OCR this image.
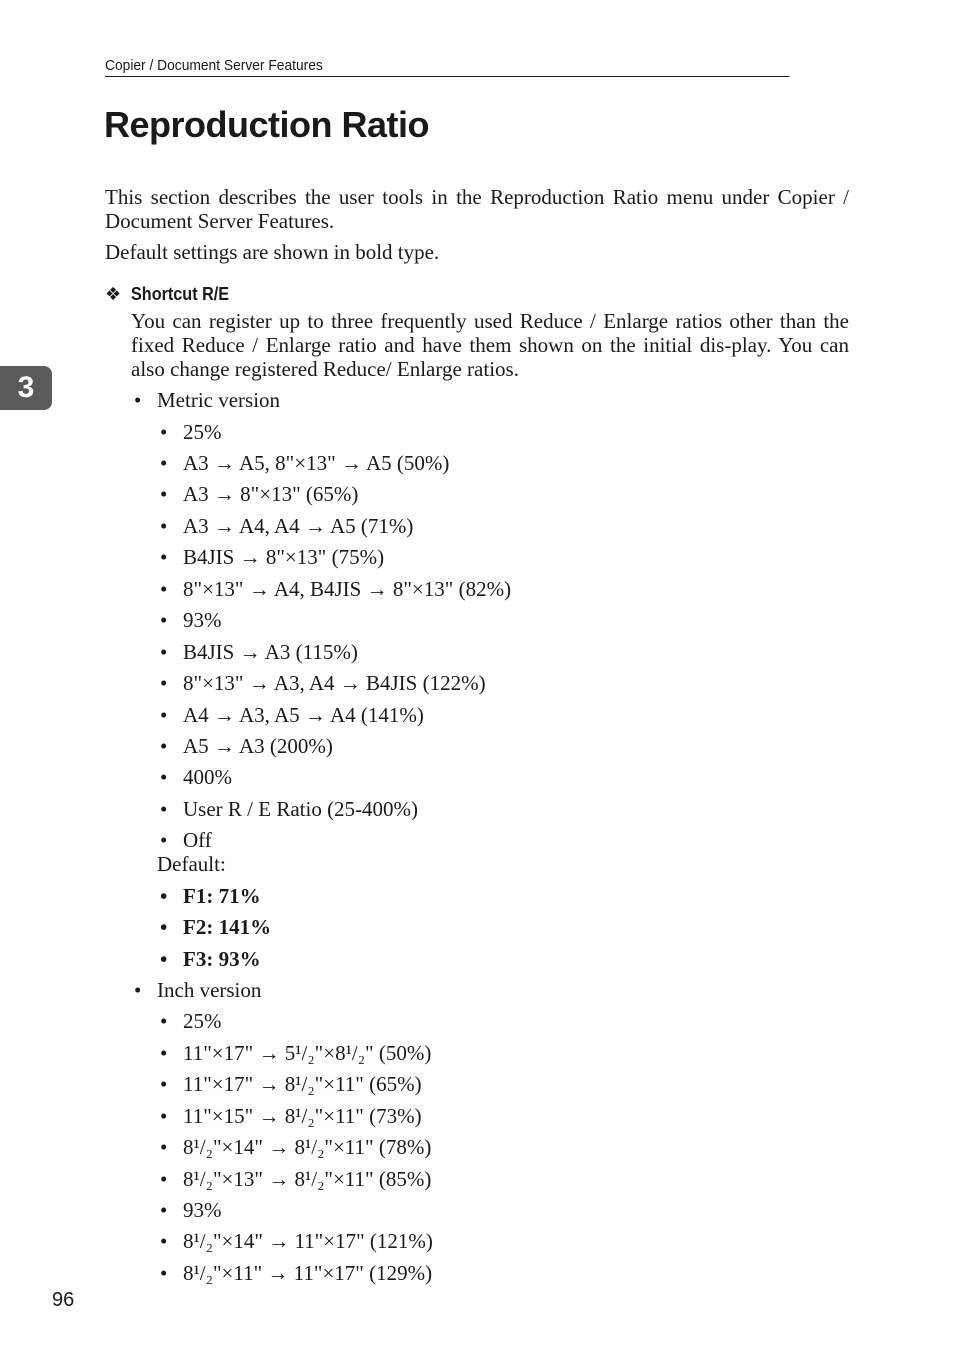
Copier / Document Server Features
Reproduction Ratio
3

This section describes the user tools in the Reproduction Ratio menu under Copier / Document Server Features.

Default settings are shown in bold type.

❖ Shortcut R/E

You can register up to three frequently used Reduce / Enlarge ratios other than the fixed Reduce / Enlarge ratio and have them shown on the initial dis-play. You can also change registered Reduce/ Enlarge ratios.

• Metric version
• 25%
• A3 → A5, 8"×13" → A5 (50%)
• A3 → 8"×13" (65%)
• A3 → A4, A4 → A5 (71%)
• B4JIS → 8"×13" (75%)
• 8"×13" → A4, B4JIS → 8"×13" (82%)
• 93%
• B4JIS → A3 (115%)
• 8"×13" → A3, A4 → B4JIS (122%)
• A4 → A3, A5 → A4 (141%)
• A5 → A3 (200%)
• 400%
• User R / E Ratio (25-400%)
• Off
Default:
• F1: 71%
• F2: 141%
• F3: 93%
• Inch version
• 25%
• 11"×17" → 5¹/₂"×8¹/₂" (50%)
• 11"×17" → 8¹/₂"×11" (65%)
• 11"×15" → 8¹/₂"×11" (73%)
• 8¹/₂"×14" → 8¹/₂"×11" (78%)
• 8¹/₂"×13" → 8¹/₂"×11" (85%)
• 93%
• 8¹/₂"×14" → 11"×17" (121%)
• 8¹/₂"×11" → 11"×17" (129%)
96
